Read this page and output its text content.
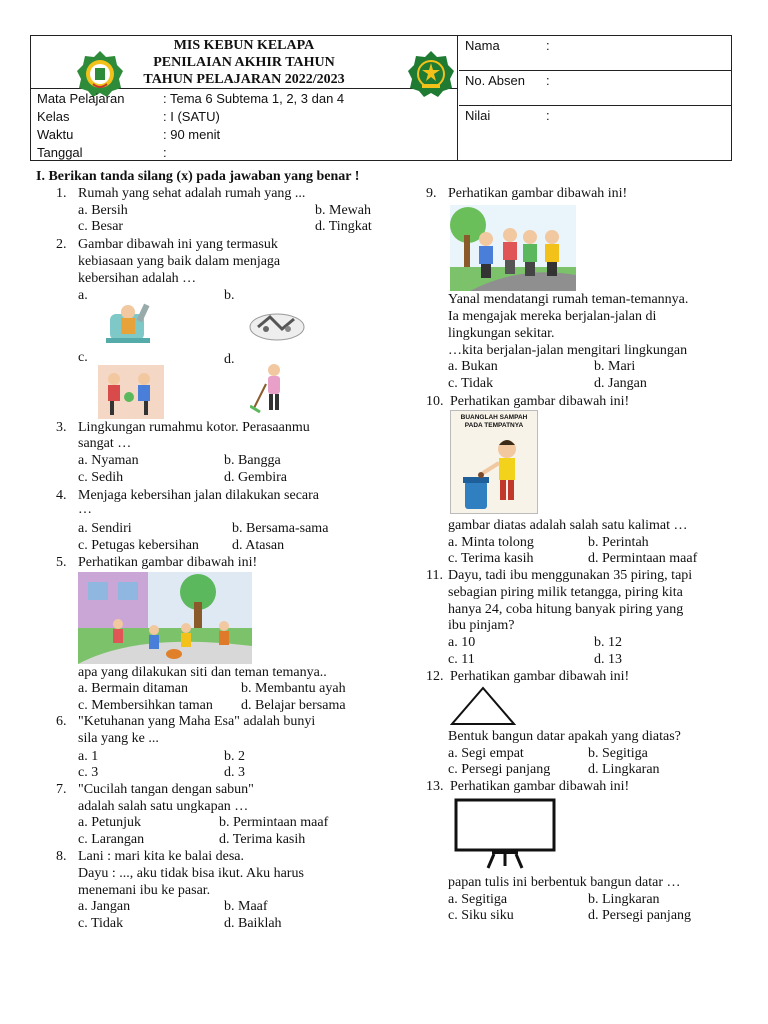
MIS KEBUN KELAPA
PENILAIAN AKHIR TAHUN
TAHUN PELAJARAN 2022/2023
Mata Pelajaran	: Tema 6 Subtema 1, 2, 3 dan 4
Kelas	: I (SATU)
Waktu	: 90 menit
Tanggal	:
Nama	:
No. Absen :
Nilai	:
I. Berikan tanda silang (x) pada jawaban yang benar !
1. Rumah yang sehat adalah rumah yang ...
a. Bersih	b. Mewah
c. Besar	d. Tingkat
2. Gambar dibawah ini yang termasuk
kebiasaan yang baik dalam menjaga
kebersihan adalah …
a.	b.
c.	d.
3. Lingkungan rumahmu kotor. Perasaanmu
sangat …
a. Nyaman	b. Bangga
c. Sedih	d. Gembira
4. Menjaga kebersihan jalan dilakukan secara
…
a. Sendiri	b. Bersama-sama
c. Petugas kebersihan d. Atasan
5. Perhatikan gambar dibawah ini!
apa yang dilakukan siti dan teman temanya..
a. Bermain ditaman	b. Membantu ayah
c. Membersihkan taman d. Belajar bersama
6. "Ketuhanan yang Maha Esa" adalah bunyi
sila yang ke ...
a. 1	b. 2
c. 3	d. 3
7. "Cucilah tangan dengan sabun"
adalah salah satu ungkapan …
a. Petunjuk	b. Permintaan maaf
c. Larangan	d. Terima kasih
8. Lani : mari kita ke balai desa.
Dayu : ..., aku tidak bisa ikut. Aku harus
menemani ibu ke pasar.
a. Jangan	b. Maaf
c. Tidak	d. Baiklah
9. Perhatikan gambar dibawah ini!
Yanal mendatangi rumah teman-temannya.
Ia mengajak mereka berjalan-jalan di
lingkungan sekitar.
…kita berjalan-jalan mengitari lingkungan
a. Bukan	b. Mari
c. Tidak	d. Jangan
10. Perhatikan gambar dibawah ini!
BUANGLAH SAMPAH
PADA TEMPATNYA
gambar diatas adalah salah satu kalimat …
a. Minta tolong	b. Perintah
c. Terima kasih	d. Permintaan maaf
11. Dayu, tadi ibu menggunakan 35 piring, tapi
sebagian piring milik tetangga, piring kita
hanya 24, coba hitung banyak piring yang
ibu pinjam?
a. 10	b. 12
c. 11	d. 13
12. Perhatikan gambar dibawah ini!
Bentuk bangun datar apakah yang diatas?
a. Segi empat	b. Segitiga
c. Persegi panjang	d. Lingkaran
13. Perhatikan gambar dibawah ini!
papan tulis ini berbentuk bangun datar …
a. Segitiga	b. Lingkaran
c. Siku siku	d. Persegi panjang
